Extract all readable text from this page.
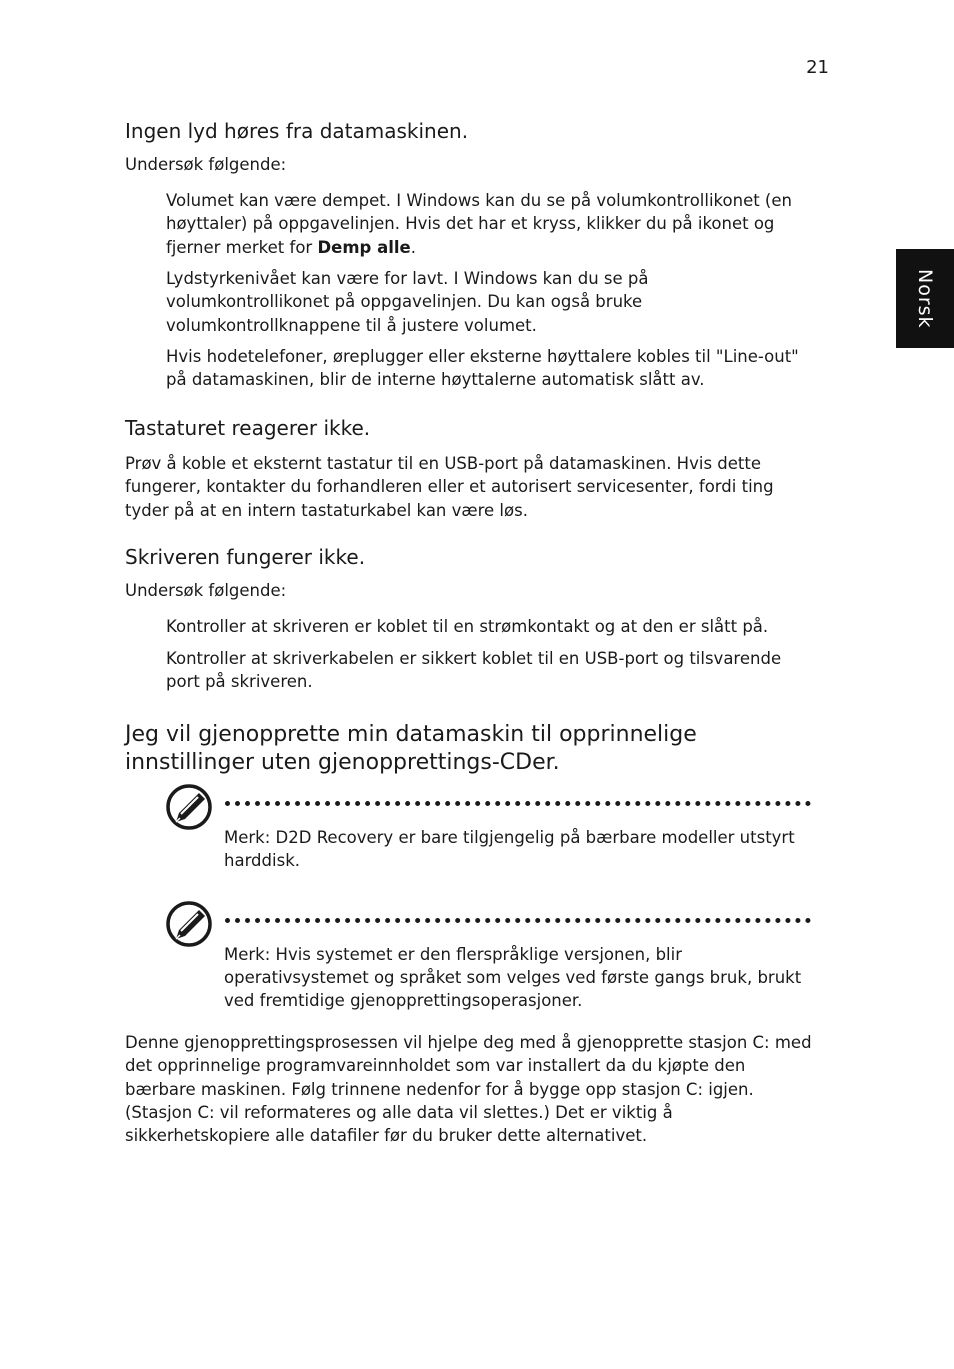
21
Norsk
Ingen lyd høres fra datamaskinen.
Undersøk følgende:
Volumet kan være dempet. I Windows kan du se på volumkontrollikonet (en høyttaler) på oppgavelinjen. Hvis det har et kryss, klikker du på ikonet og fjerner merket for Demp alle.
Lydstyrkenivået kan være for lavt. I Windows kan du se på volumkontrollikonet på oppgavelinjen. Du kan også bruke volumkontrollknappene til å justere volumet.
Hvis hodetelefoner, øreplugger eller eksterne høyttalere kobles til "Line-out" på datamaskinen, blir de interne høyttalerne automatisk slått av.
Tastaturet reagerer ikke.
Prøv å koble et eksternt tastatur til en USB-port på datamaskinen. Hvis dette fungerer, kontakter du forhandleren eller et autorisert servicesenter, fordi ting tyder på at en intern tastaturkabel kan være løs.
Skriveren fungerer ikke.
Undersøk følgende:
Kontroller at skriveren er koblet til en strømkontakt og at den er slått på.
Kontroller at skriverkabelen er sikkert koblet til en USB-port og tilsvarende port på skriveren.
Jeg vil gjenopprette min datamaskin til opprinnelige innstillinger uten gjenopprettings-CDer.
Merk: D2D Recovery er bare tilgjengelig på bærbare modeller utstyrt harddisk.
Merk: Hvis systemet er den flerspråklige versjonen, blir operativsystemet og språket som velges ved første gangs bruk, brukt ved fremtidige gjenopprettingsoperasjoner.
Denne gjenopprettingsprosessen vil hjelpe deg med å gjenopprette stasjon C: med det opprinnelige programvareinnholdet som var installert da du kjøpte den bærbare maskinen. Følg trinnene nedenfor for å bygge opp stasjon C: igjen. (Stasjon C: vil reformateres og alle data vil slettes.) Det er viktig å sikkerhetskopiere alle datafiler før du bruker dette alternativet.
